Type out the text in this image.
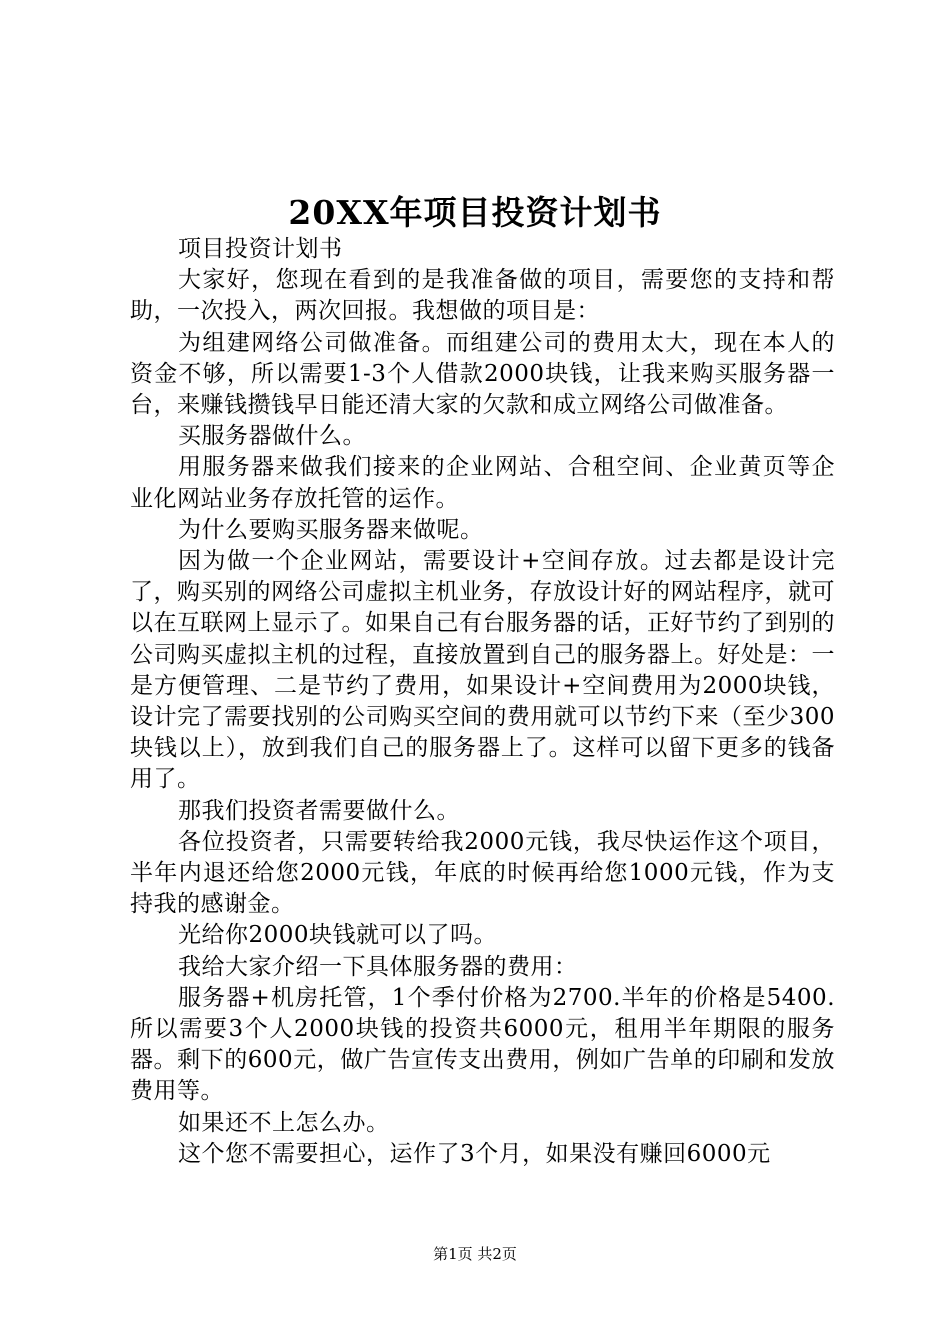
20XX年项目投资计划书

项目投资计划书

大家好，您现在看到的是我准备做的项目，需要您的支持和帮助，一次投入，两次回报。我想做的项目是：

为组建网络公司做准备。而组建公司的费用太大，现在本人的资金不够，所以需要1-3个人借款2000块钱，让我来购买服务器一台，来赚钱攒钱早日能还清大家的欠款和成立网络公司做准备。

买服务器做什么。

用服务器来做我们接来的企业网站、合租空间、企业黄页等企业化网站业务存放托管的运作。

为什么要购买服务器来做呢。

因为做一个企业网站，需要设计+空间存放。过去都是设计完了，购买别的网络公司虚拟主机业务，存放设计好的网站程序，就可以在互联网上显示了。如果自己有台服务器的话，正好节约了到别的公司购买虚拟主机的过程，直接放置到自己的服务器上。好处是：一是方便管理、二是节约了费用，如果设计+空间费用为2000块钱，设计完了需要找别的公司购买空间的费用就可以节约下来（至少300块钱以上），放到我们自己的服务器上了。这样可以留下更多的钱备用了。

那我们投资者需要做什么。

各位投资者，只需要转给我2000元钱，我尽快运作这个项目，半年内退还给您2000元钱，年底的时候再给您1000元钱，作为支持我的感谢金。

光给你2000块钱就可以了吗。

我给大家介绍一下具体服务器的费用：

服务器+机房托管，1个季付价格为2700.半年的价格是5400.所以需要3个人2000块钱的投资共6000元，租用半年期限的服务器。剩下的600元，做广告宣传支出费用，例如广告单的印刷和发放费用等。

如果还不上怎么办。

这个您不需要担心，运作了3个月，如果没有赚回6000元

第1页 共2页
